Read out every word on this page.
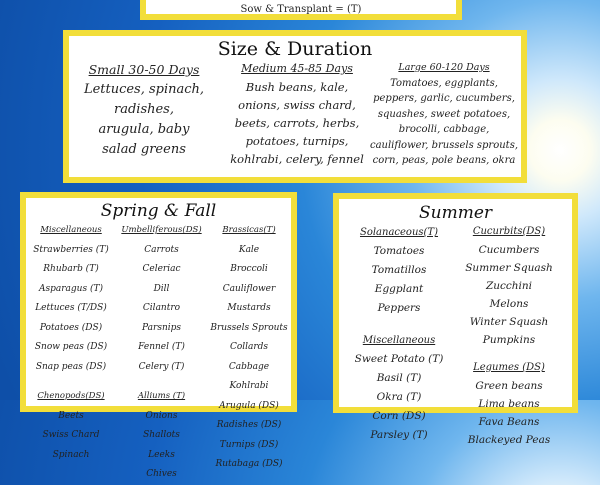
$_{Sow \& Transplant = (T)}$
Size & Duration
Small 30-50 Days
Lettuces, spinach,
radishes,
arugula, baby
salad greens
Medium 45-85 Days
Bush beans, kale,
onions, swiss chard,
beets, carrots, herbs,
potatoes, turnips,
kohlrabi, celery, fennel
Large 60-120 Days
Tomatoes, eggplants,
peppers, garlic, cucumbers,
squashes, sweet potatoes,
brocolli, cabbage,
cauliflower, brussels sprouts,
corn, peas, pole beans, okra
Spring & Fall
Miscellaneous
Strawberries (T)
Rhubarb (T)
Asparagus (T)
Lettuces (T/DS)
Potatoes (DS)
Snow peas (DS)
Snap peas (DS)
Chenopods(DS)
Beets
Swiss Chard
Spinach
Umbelliferous(DS)
Carrots
Celeriac
Dill
Cilantro
Parsnips
Fennel (T)
Celery (T)
Alliums (T)
Onions
Shallots
Leeks
Chives
Brassicas(T)
Kale
Broccoli
Cauliflower
Mustards
Brussels Sprouts
Collards
Cabbage
Kohlrabi
Arugula (DS)
Radishes (DS)
Turnips (DS)
Rutabaga (DS)
Summer
Solanaceous(T)
Tomatoes
Tomatillos
Eggplant
Peppers
Miscellaneous
Sweet Potato (T)
Basil (T)
Okra (T)
Corn (DS)
Parsley (T)
Cucurbits(DS)
Cucumbers
Summer Squash
Zucchini
Melons
Winter Squash
Pumpkins
Legumes (DS)
Green beans
Lima beans
Fava Beans
Blackeyed Peas
